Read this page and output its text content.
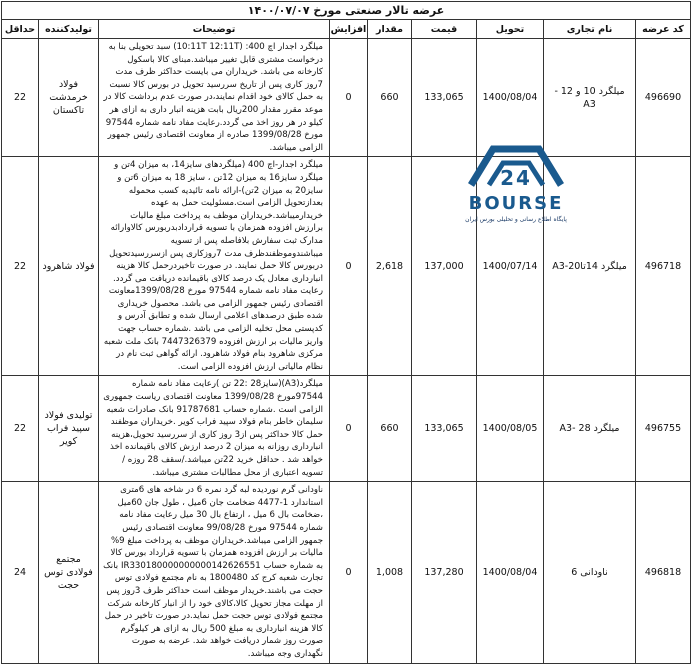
عرضه تالار صنعتی مورخ ۱۴۰۰/۰۷/۰۷								
کد عرضه	نام تجاری	تحویل	قیمت	مقدار	افزایش	توضیحات	تولیدکننده	حداقل
496690	میلگرد 10 و 12 - A3	1400/08/04	133,065	660	0	میلگرد اجدار اچ 400: (10:11T 12:11T) سبد تحویلی بنا به درخواست مشتری قابل تغییر میباشد.مبنای کالا باسکول کارخانه می باشد. خریداران می بایست حداکثر ظرف مدت 7روز کاری پس از تاریخ سررسید تحویل در بورس کالا نسبت به حمل کالای خود اقدام نمایند،در صورت عدم برداشت کالا در موعد مقرر مقدار 200ریال بابت هزینه انبار داری به ازای هر کیلو در هر روز اخذ می گردد.رعایت مفاد نامه شماره 97544 مورخ 1399/08/28 صادره از معاونت اقتصادی رئیس جمهور الزامی میباشد.	فولاد خرمدشت تاکستان	22
496718	میلگرد 14تا20-A3	1400/07/14	137,000	2,618	0	میلگرد اجدار-اچ 400 (میلگردهای سایز14، به میزان 4تن و میلگرد سایز16 به میزان 12تن ، سایز 18 به میزان 6تن و سایز20 به میزان 2تن)-ارائه نامه تائیدیه کسب محموله بعدازتحویل الزامی است.مسئولیت حمل به عهده خریدارمیباشد.خریداران موظف به پرداخت مبلغ مالیات برارزش افزوده همزمان با تسویه قراردادبدربورس کالاوارائه مدارک ثبت سفارش بلافاصله پس از تسویه میباشندوموظفندظرف مدت 7روزکاری پس ازسررسیدتحویل دربورس کالا حمل نمایند. در صورت تاخیردرحمل کالا هزینه انبارداری معادل یک درصد کالای باقیمانده دریافت می گردد. رعایت مفاد نامه شماره 97544 مورخ 1399/08/28معاونت اقتصادی رئیس جمهور الزامی می باشد. محصول خریداری شده طبق درصدهای اعلامی ارسال شده و تطابق آدرس و کدپستی محل تخلیه الزامی می باشد .شماره حساب جهت واریز مالیات بر ارزش افزوده 7447326379 بانک ملت شعبه مرکزی شاهرود بنام فولاد شاهرود. ارائه گواهی ثبت نام در نظام مالیاتی ارزش افزوده الزامی است.	فولاد شاهرود	22
496755	میلگرد 28 -A3	1400/08/05	133,065	660	0	میلگرد(A3)(سایز28 :22 تن )رعایت مفاد نامه شماره 97544مورخ 1399/08/28 معاونت اقتصادی ریاست جمهوری الزامی است .شماره حساب 91787681 بانک صادرات شعبه سلیمان خاطر بنام فولاد سپید فراب کویر .خریداران موظفند حمل کالا حداکثر پس از3 روز کاری از سررسید تحویل،هزینه انبارداری روزانه به میزان 2 درصد ارزش کالای باقیمانده اخذ خواهد شد . حداقل خرید 22تن میباشد./سقف 28 روزه / تسویه اعتباری از محل مطالبات مشتری میباشد.	تولیدی فولاد سپید فراب کویر	22
496818	ناودانی 6	1400/08/04	137,280	1,008	0	ناودانی گرم نوردیده لبه گرد نمره 6 در شاخه های 6متری استاندارد 1-4477 ضخامت جان 6میل ، طول جان 60میل ،ضخامت بال 6 میل ، ارتفاع بال 30 میل رعایت مفاد نامه شماره 97544 مورخ 99/08/28 معاونت اقتصادی رئیس جمهور الزامی میباشد.خریداران موظف به پرداخت مبلغ 9% مالیات بر ارزش افزوده همزمان با تسویه قرارداد بورس کالا به شماره حساب IR330180000000000142626551 بانک تجارت شعبه کرج کد 1800480 به نام مجتمع فولادی توس حجت می باشند.خریدار موظف است حداکثر ظرف 3روز پس از مهلت مجاز تحویل کالا،کالای خود را از انبار کارخانه شرکت مجتمع فولادی توس حجت حمل نماید.در صورت تاخیر در حمل کالا هزینه انبارداری به مبلغ 500 ریال به ازای هر کیلوگرم صورت روز شمار دریافت خواهد شد. عرضه به صورت نگهداری وجه میباشد.	مجتمع فولادی توس حجت	24
24
BOURSE
پایگاه اطلاع رسانی و تحلیلی بورس ایران
